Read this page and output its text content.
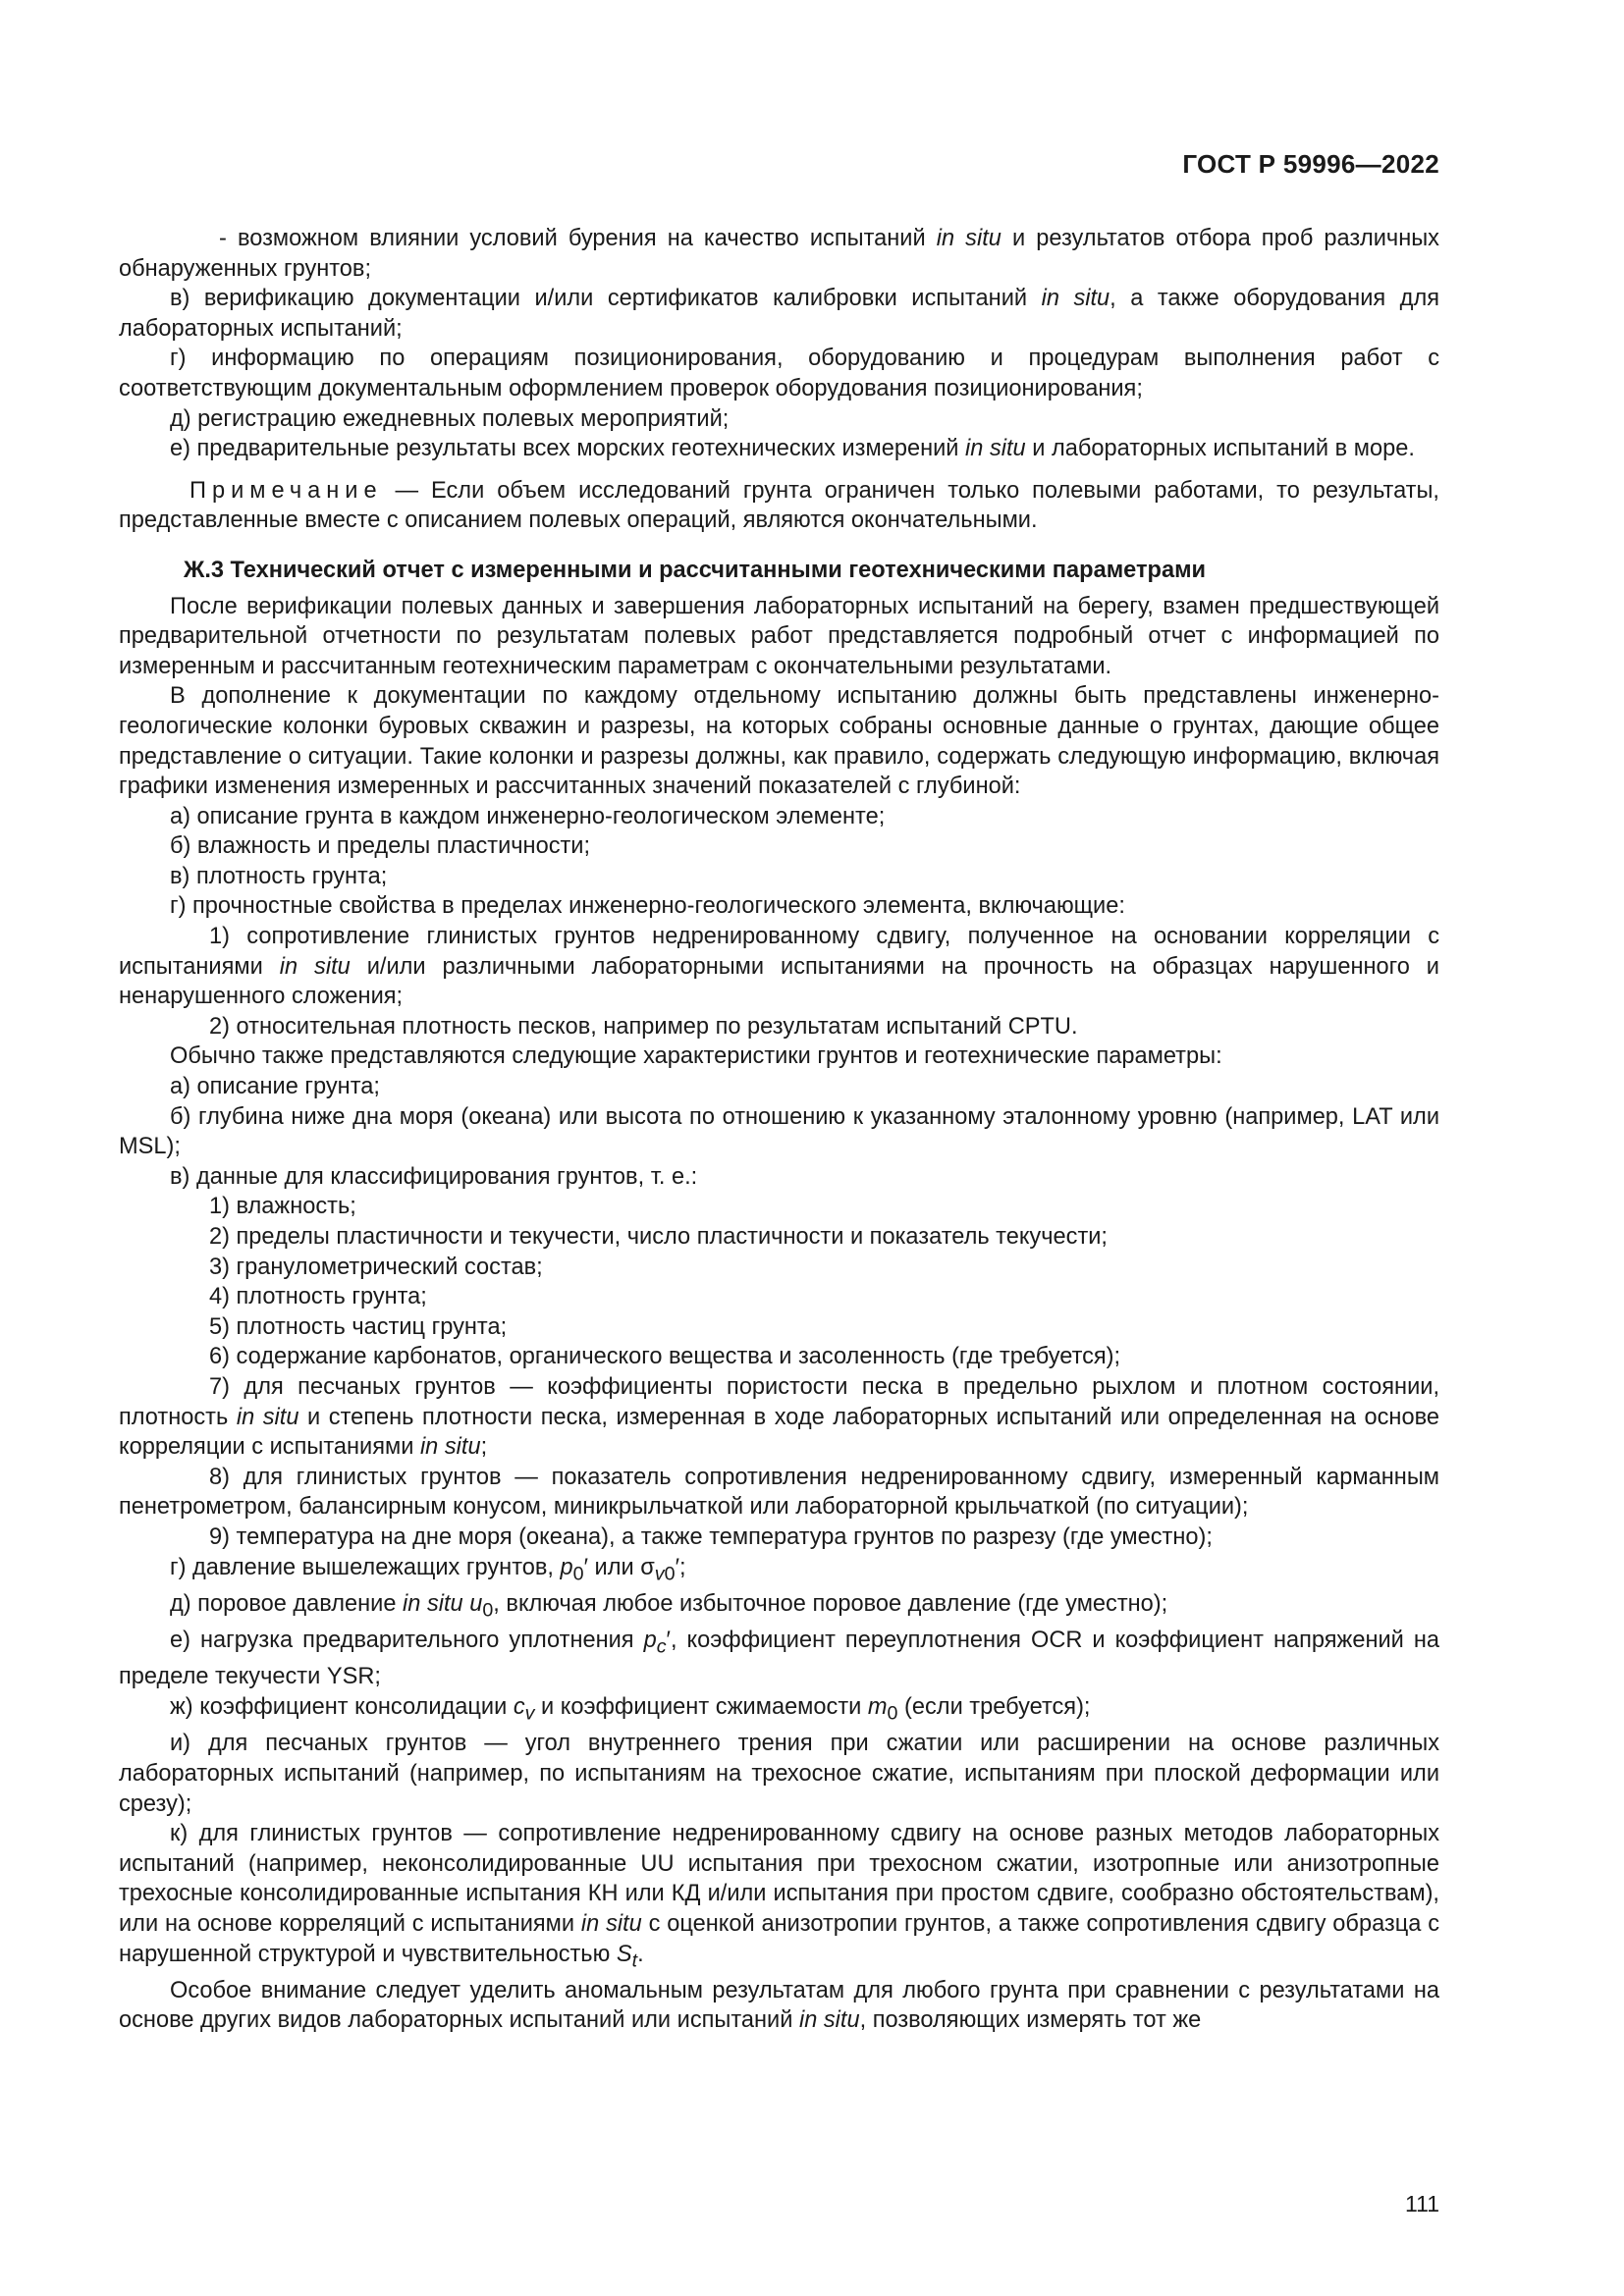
ГОСТ Р 59996—2022

- возможном влиянии условий бурения на качество испытаний in situ и результатов отбора проб различных обнаруженных грунтов;

в) верификацию документации и/или сертификатов калибровки испытаний in situ, а также оборудования для лабораторных испытаний;

г) информацию по операциям позиционирования, оборудованию и процедурам выполнения работ с соответствующим документальным оформлением проверок оборудования позиционирования;

д) регистрацию ежедневных полевых мероприятий;

е) предварительные результаты всех морских геотехнических измерений in situ и лабораторных испытаний в море.

Примечание — Если объем исследований грунта ограничен только полевыми работами, то результаты, представленные вместе с описанием полевых операций, являются окончательными.

Ж.3 Технический отчет с измеренными и рассчитанными геотехническими параметрами

После верификации полевых данных и завершения лабораторных испытаний на берегу, взамен предшествующей предварительной отчетности по результатам полевых работ представляется подробный отчет с информацией по измеренным и рассчитанным геотехническим параметрам с окончательными результатами.

В дополнение к документации по каждому отдельному испытанию должны быть представлены инженерно-геологические колонки буровых скважин и разрезы, на которых собраны основные данные о грунтах, дающие общее представление о ситуации. Такие колонки и разрезы должны, как правило, содержать следующую информацию, включая графики изменения измеренных и рассчитанных значений показателей с глубиной:

а) описание грунта в каждом инженерно-геологическом элементе;

б) влажность и пределы пластичности;

в) плотность грунта;

г) прочностные свойства в пределах инженерно-геологического элемента, включающие:

1) сопротивление глинистых грунтов недренированному сдвигу, полученное на основании корреляции с испытаниями in situ и/или различными лабораторными испытаниями на прочность на образцах нарушенного и ненарушенного сложения;

2) относительная плотность песков, например по результатам испытаний CPTU.

Обычно также представляются следующие характеристики грунтов и геотехнические параметры:

а) описание грунта;

б) глубина ниже дна моря (океана) или высота по отношению к указанному эталонному уровню (например, LAT или MSL);

в) данные для классифицирования грунтов, т. е.:

1) влажность;

2) пределы пластичности и текучести, число пластичности и показатель текучести;

3) гранулометрический состав;

4) плотность грунта;

5) плотность частиц грунта;

6) содержание карбонатов, органического вещества и засоленность (где требуется);

7) для песчаных грунтов — коэффициенты пористости песка в предельно рыхлом и плотном состоянии, плотность in situ и степень плотности песка, измеренная в ходе лабораторных испытаний или определенная на основе корреляции с испытаниями in situ;

8) для глинистых грунтов — показатель сопротивления недренированному сдвигу, измеренный карманным пенетрометром, балансирным конусом, миникрыльчаткой или лабораторной крыльчаткой (по ситуации);

9) температура на дне моря (океана), а также температура грунтов по разрезу (где уместно);

г) давление вышележащих грунтов, $p_0'$ или $\sigma_{v0}'$;

д) поровое давление in situ $u_0$, включая любое избыточное поровое давление (где уместно);

е) нагрузка предварительного уплотнения $p_c'$, коэффициент переуплотнения OCR и коэффициент напряжений на пределе текучести YSR;

ж) коэффициент консолидации $c_v$ и коэффициент сжимаемости $m_0$ (если требуется);

и) для песчаных грунтов — угол внутреннего трения при сжатии или расширении на основе различных лабораторных испытаний (например, по испытаниям на трехосное сжатие, испытаниям при плоской деформации или срезу);

к) для глинистых грунтов — сопротивление недренированному сдвигу на основе разных методов лабораторных испытаний (например, неконсолидированные UU испытания при трехосном сжатии, изотропные или анизотропные трехосные консолидированные испытания КН или КД и/или испытания при простом сдвиге, сообразно обстоятельствам), или на основе корреляций с испытаниями in situ с оценкой анизотропии грунтов, а также сопротивления сдвигу образца с нарушенной структурой и чувствительностью $S_t$.

Особое внимание следует уделить аномальным результатам для любого грунта при сравнении с результатами на основе других видов лабораторных испытаний или испытаний in situ, позволяющих измерять тот же

111
